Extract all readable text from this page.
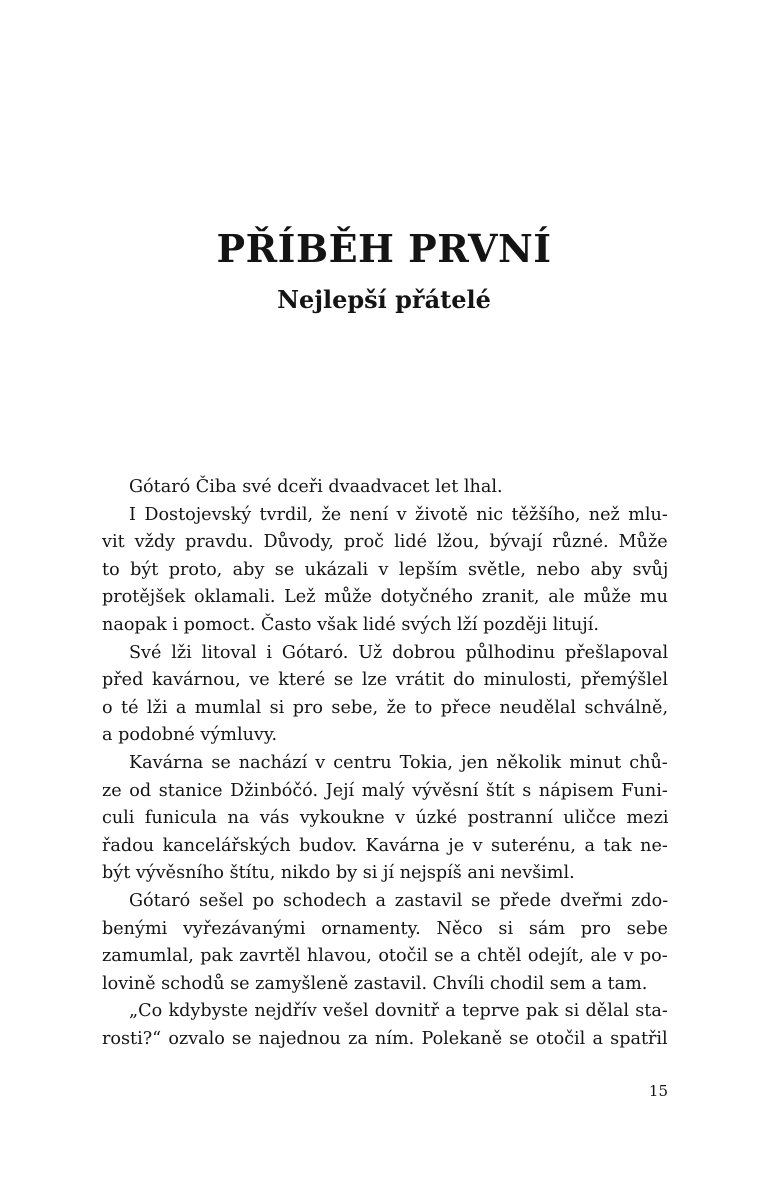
PŘÍBĚH PRVNÍ
Nejlepší přátelé
Gótaró Čiba své dceři dvaadvacet let lhal.
I Dostojevský tvrdil, že není v životě nic těžšího, než mlu-
vit vždy pravdu. Důvody, proč lidé lžou, bývají různé. Může
to být proto, aby se ukázali v lepším světle, nebo aby svůj
protějšek oklamali. Lež může dotyčného zranit, ale může mu
naopak i pomoct. Často však lidé svých lží později litují.
Své lži litoval i Gótaró. Už dobrou půlhodinu přešlapoval
před kavárnou, ve které se lze vrátit do minulosti, přemýšlel
o té lži a mumlal si pro sebe, že to přece neudělal schválně,
a podobné výmluvy.
Kavárna se nachází v centru Tokia, jen několik minut chů-
ze od stanice Džinbóčó. Její malý vývěsní štít s nápisem Funi-
culi funicula na vás vykoukne v úzké postranní uličce mezi
řadou kancelářských budov. Kavárna je v suterénu, a tak ne-
být vývěsního štítu, nikdo by si jí nejspíš ani nevšiml.
Gótaró sešel po schodech a zastavil se přede dveřmi zdo-
benými vyřezávanými ornamenty. Něco si sám pro sebe
zamumlal, pak zavrtěl hlavou, otočil se a chtěl odejít, ale v po-
lovině schodů se zamyšleně zastavil. Chvíli chodil sem a tam.
„Co kdybyste nejdřív vešel dovnitř a teprve pak si dělal sta-
rosti?“ ozvalo se najednou za ním. Polekaně se otočil a spatřil
15
